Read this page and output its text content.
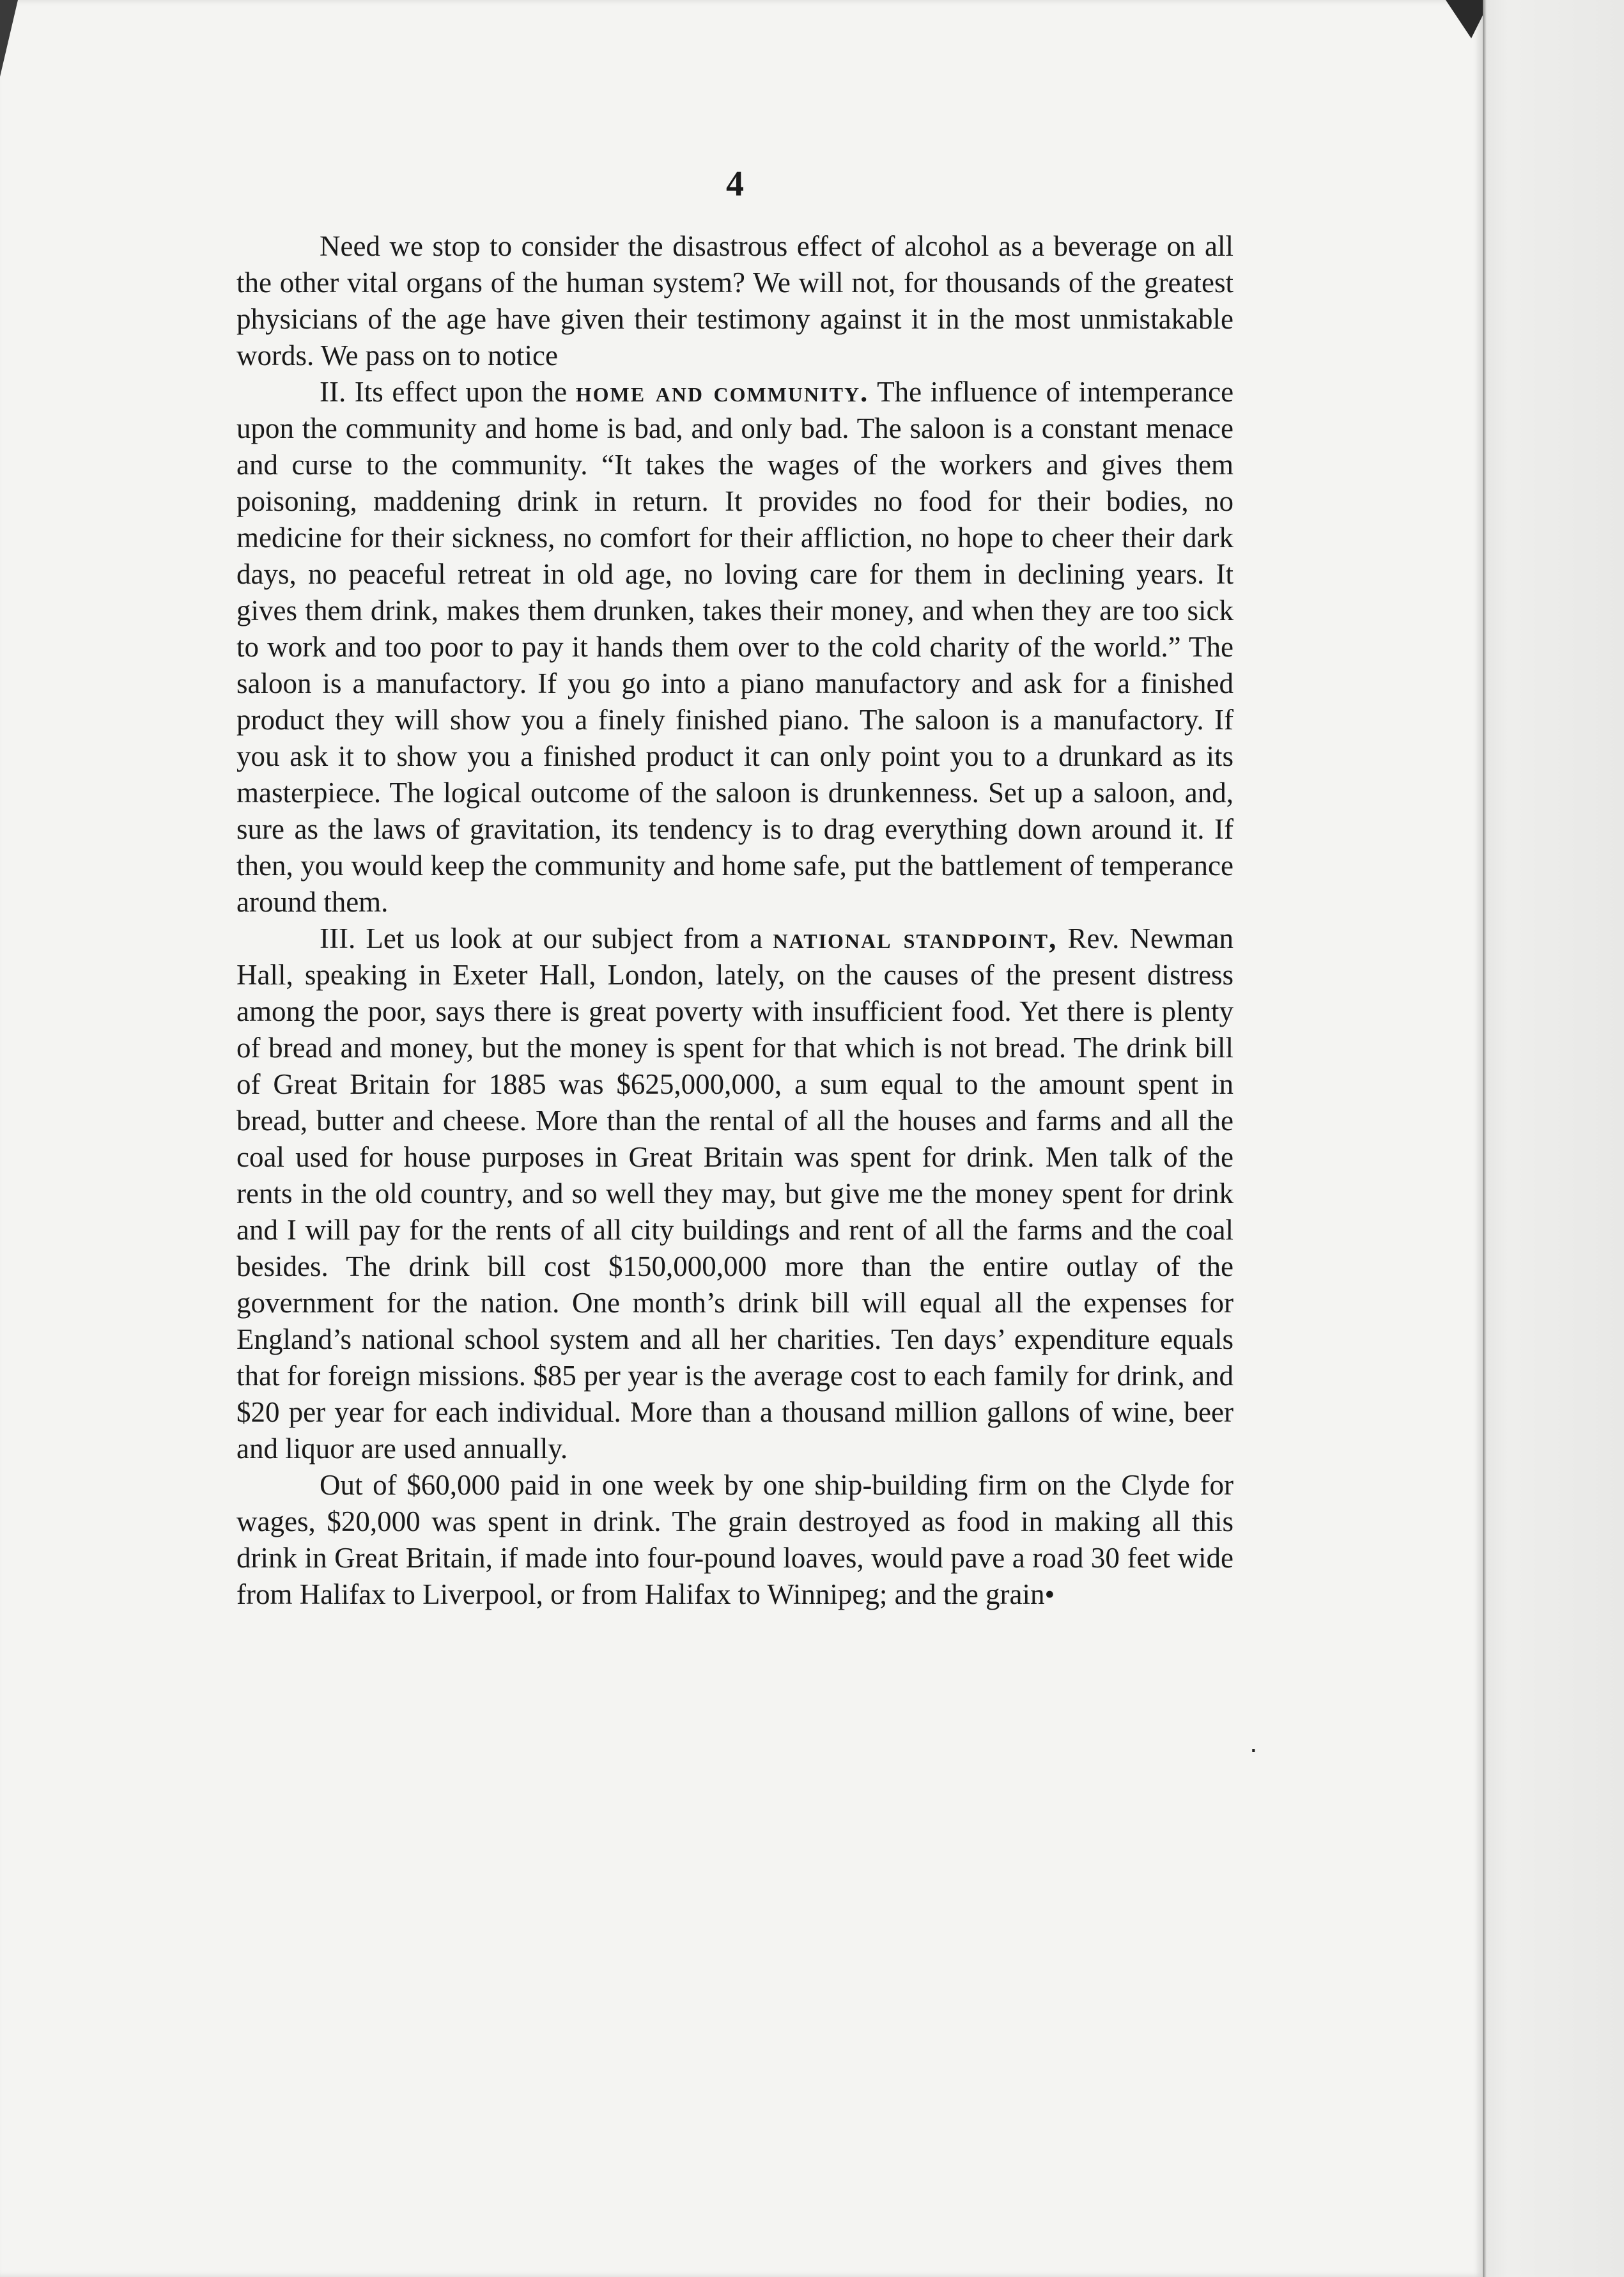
4

Need we stop to consider the disastrous effect of alcohol as a beverage on all the other vital organs of the human system? We will not, for thousands of the greatest physicians of the age have given their testimony against it in the most unmistakable words. We pass on to notice

II. Its effect upon the home and community. The influence of intemperance upon the community and home is bad, and only bad. The saloon is a constant menace and curse to the community. “It takes the wages of the workers and gives them poisoning, maddening drink in return. It provides no food for their bodies, no medicine for their sickness, no comfort for their affliction, no hope to cheer their dark days, no peaceful retreat in old age, no loving care for them in declining years. It gives them drink, makes them drunken, takes their money, and when they are too sick to work and too poor to pay it hands them over to the cold charity of the world.” The saloon is a manufactory. If you go into a piano manufactory and ask for a finished product they will show you a finely finished piano. The saloon is a manufactory. If you ask it to show you a finished product it can only point you to a drunkard as its masterpiece. The logical outcome of the saloon is drunkenness. Set up a saloon, and, sure as the laws of gravitation, its tendency is to drag everything down around it. If then, you would keep the community and home safe, put the battlement of temperance around them.

III. Let us look at our subject from a national standpoint, Rev. Newman Hall, speaking in Exeter Hall, London, lately, on the causes of the present distress among the poor, says there is great poverty with insufficient food. Yet there is plenty of bread and money, but the money is spent for that which is not bread. The drink bill of Great Britain for 1885 was $625,000,000, a sum equal to the amount spent in bread, butter and cheese. More than the rental of all the houses and farms and all the coal used for house purposes in Great Britain was spent for drink. Men talk of the rents in the old country, and so well they may, but give me the money spent for drink and I will pay for the rents of all city buildings and rent of all the farms and the coal besides. The drink bill cost $150,000,000 more than the entire outlay of the government for the nation. One month’s drink bill will equal all the expenses for England’s national school system and all her charities. Ten days’ expenditure equals that for foreign missions. $85 per year is the average cost to each family for drink, and $20 per year for each individual. More than a thousand million gallons of wine, beer and liquor are used annually.

Out of $60,000 paid in one week by one ship-building firm on the Clyde for wages, $20,000 was spent in drink. The grain destroyed as food in making all this drink in Great Britain, if made into four-pound loaves, would pave a road 30 feet wide from Halifax to Liverpool, or from Halifax to Winnipeg; and the grain•

.
